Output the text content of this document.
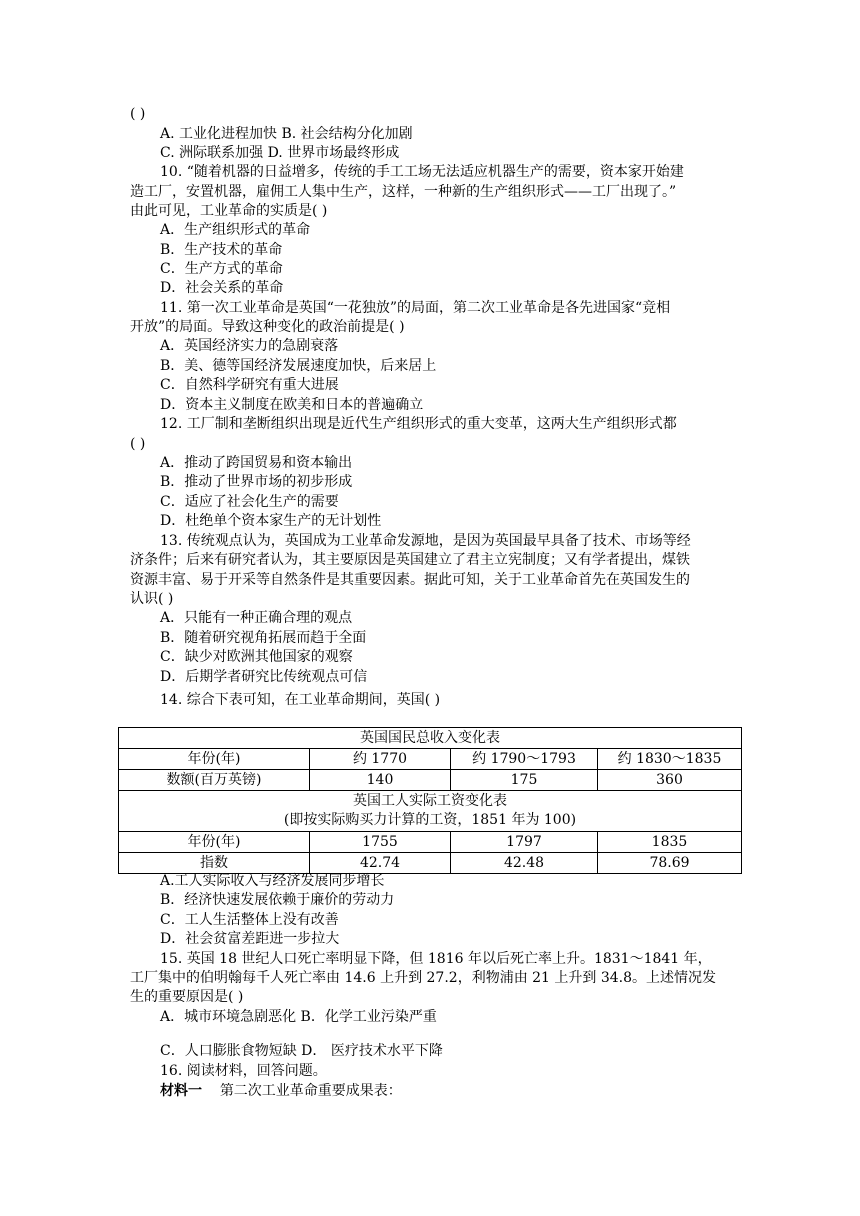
( )
A. 工业化进程加快 B. 社会结构分化加剧
C. 洲际联系加强 D. 世界市场最终形成
10. “随着机器的日益增多，传统的手工工场无法适应机器生产的需要，资本家开始建
造工厂，安置机器，雇佣工人集中生产，这样，一种新的生产组织形式——工厂出现了。”
由此可见，工业革命的实质是( )
A．生产组织形式的革命
B．生产技术的革命
C．生产方式的革命
D．社会关系的革命
11. 第一次工业革命是英国“一花独放”的局面，第二次工业革命是各先进国家“竞相
开放”的局面。导致这种变化的政治前提是( )
A．英国经济实力的急剧衰落
B．美、德等国经济发展速度加快，后来居上
C．自然科学研究有重大进展
D．资本主义制度在欧美和日本的普遍确立
12. 工厂制和垄断组织出现是近代生产组织形式的重大变革，这两大生产组织形式都
( )
A．推动了跨国贸易和资本输出
B．推动了世界市场的初步形成
C．适应了社会化生产的需要
D．杜绝单个资本家生产的无计划性
13. 传统观点认为，英国成为工业革命发源地，是因为英国最早具备了技术、市场等经
济条件；后来有研究者认为，其主要原因是英国建立了君主立宪制度；又有学者提出，煤铁
资源丰富、易于开采等自然条件是其重要因素。据此可知，关于工业革命首先在英国发生的
认识( )
A．只能有一种正确合理的观点
B．随着研究视角拓展而趋于全面
C．缺少对欧洲其他国家的观察
D．后期学者研究比传统观点可信
14. 综合下表可知，在工业革命期间，英国( )
英国国民总收入变化表			
年份(年)	约 1770	约 1790～1793	约 1830～1835
数额(百万英镑)	140	175	360

英国工人实际工资变化表
(即按实际购买力计算的工资，1851 年为 100)			

年份(年)	1755	1797	1835
指数	42.74	42.48	78.69
A.工人实际收入与经济发展同步增长
B．经济快速发展依赖于廉价的劳动力
C．工人生活整体上没有改善
D．社会贫富差距进一步拉大
15. 英国 18 世纪人口死亡率明显下降，但 1816 年以后死亡率上升。1831～1841 年，
工厂集中的伯明翰每千人死亡率由 14.6 上升到 27.2，利物浦由 21 上升到 34.8。上述情况发
生的重要原因是( )
A．城市环境急剧恶化 B．化学工业污染严重
C．人口膨胀食物短缺 D． 医疗技术水平下降
16. 阅读材料，回答问题。
材料一 第二次工业革命重要成果表：
